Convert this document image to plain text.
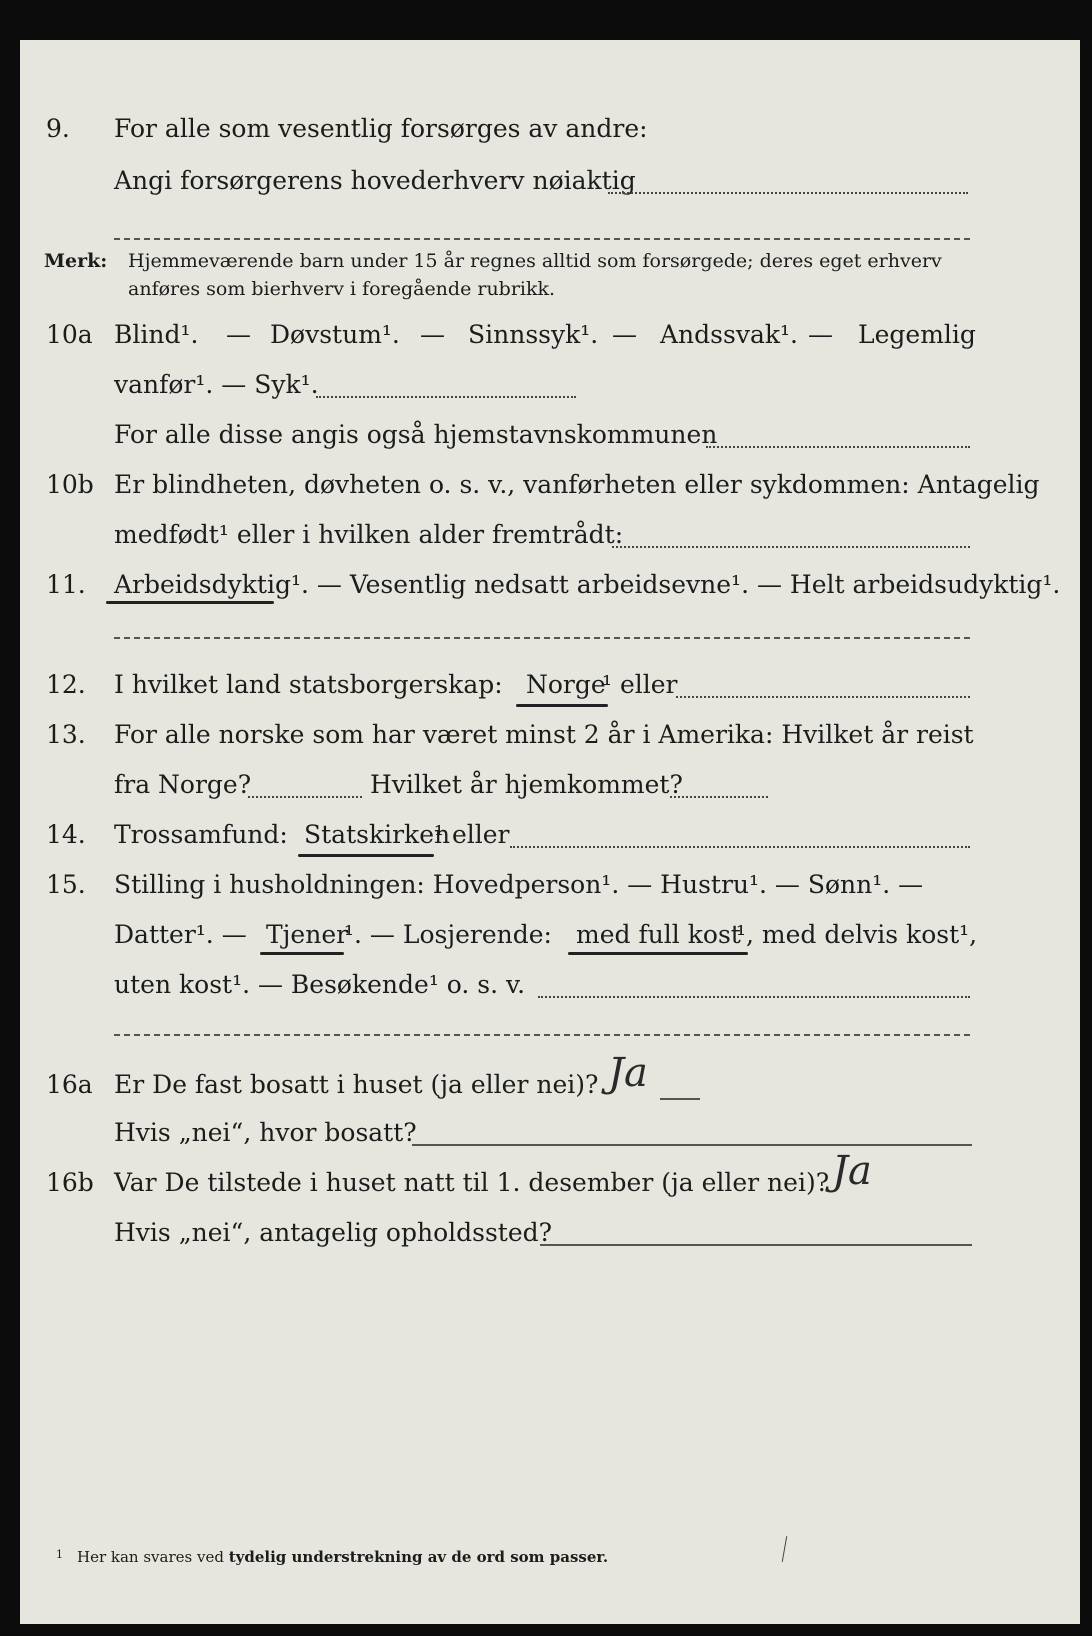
9. For alle som vesentlig forsørges av andre:
Angi forsørgerens hovederhverv nøiaktig
Merk: Hjemmeværende barn under 15 år regnes alltid som forsørgede; deres eget erhverv
anføres som bierhverv i foregående rubrikk.
10a Blind¹. — Døvstum¹. — Sinnssyk¹. — Andssvak¹. — Legemlig
vanfør¹. — Syk¹.
For alle disse angis også hjemstavnskommunen
10b Er blindheten, døvheten o. s. v., vanførheten eller sykdommen: Antagelig
medfødt¹ eller i hvilken alder fremtrådt:
11. Arbeidsdyktig¹. — Vesentlig nedsatt arbeidsevne¹. — Helt arbeidsudyktig¹.
12. I hvilket land statsborgerskap: Norge
¹ eller
13. For alle norske som har været minst 2 år i Amerika: Hvilket år reist
fra Norge?	Hvilket år hjemkommet?
14. Trossamfund: Statskirken
¹ eller
15. Stilling i husholdningen: Hovedperson¹. — Hustru¹. — Sønn¹. —
Datter¹. — Tjener
¹. — Losjerende: med full kost
¹, med delvis kost¹,
uten kost¹. — Besøkende¹ o. s. v.
16a Er De fast bosatt i huset (ja eller nei)? Ja
Hvis „nei“, hvor bosatt?
16b Var De tilstede i huset natt til 1. desember (ja eller nei)? Ja
Hvis „nei“, antagelig opholdssted?
$^1$ Her kan svares ved tydelig understrekning av de ord som passer.
